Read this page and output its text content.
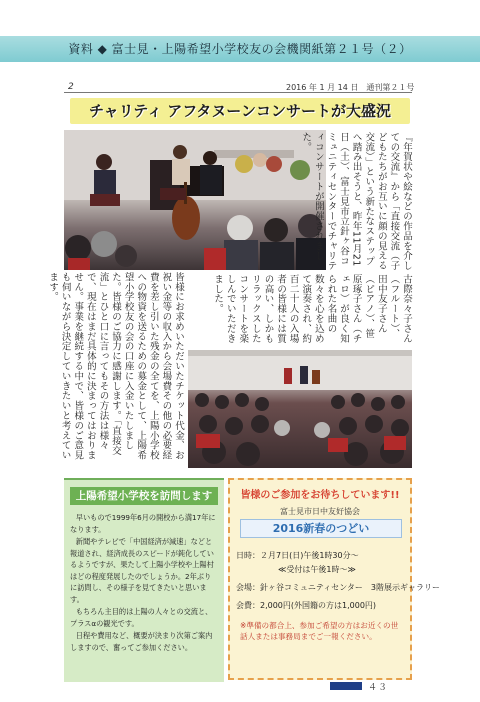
資料 ◆ 富士見・上陽希望小学校友の会機関紙第２１号（２）
2	2016 年 1 月 14 日　通刊第２１号
チャリティ アフタヌーンコンサートが大盛況
『年賀状や絵などの作品を介しての交流』から「直接交流（子どもたちがお互いに顔の見える交流）」という新たなステップへ踏み出そうと、昨年11月21日（土）、富士見市立針ヶ谷コミュニティセンターでチャリティコンサートが開催されました。
古際奈々子さん（フルート）、田中友子さん（ピアノ）、笹原琢子さん（チェロ）が良く知られた名曲の数々を心を込めて演奏され、約百二十人の入場者の皆様には質の高い、しかもリラックスしたコンサートを楽しんでいただきました。
皆様にお求めいただいたチケット代金、お祝い金等の収入から会場費その他の必要経費を差し引いた残金の全てを、上陽小学校への物資を送るための募金として、上陽希望小学校友の会の口座に入金いたしました。皆様のご協力に感謝します。「直接交流」とひと口に言ってもその方法は様々で、現在はまだ具体的に決まってはおりません。事業を継続する中で、皆様のご意見も伺いながら決定していきたいと考えています。
上陽希望小学校を訪問します

早いもので1999年6月の開校から満17年になります。

新聞やテレビで「中国経済が減速」などと報道され、経済成長のスピードが鈍化しているようですが、果たして上陽小学校や上陽村はどの程度発展したのでしょうか。2年ぶりに訪問し、その様子を見てきたいと思います。

もちろん主目的は上陽の人々との交流と、プラスαの観光です。

日程や費用など、概要が決まり次第ご案内しますので、奮ってご参加ください。

皆様のご参加をお待ちしています!!
富士見市日中友好協会
2016新春のつどい
日時：２月7日(日)午後1時30分～
≪受付は午後1時～≫
会場：針ヶ谷コミュニティセンター　3階展示ギャラリー
会費：2,000円(外国籍の方は1,000円)
※準備の都合上、参加ご希望の方はお近くの世話人または事務局までご一報ください。
４３
